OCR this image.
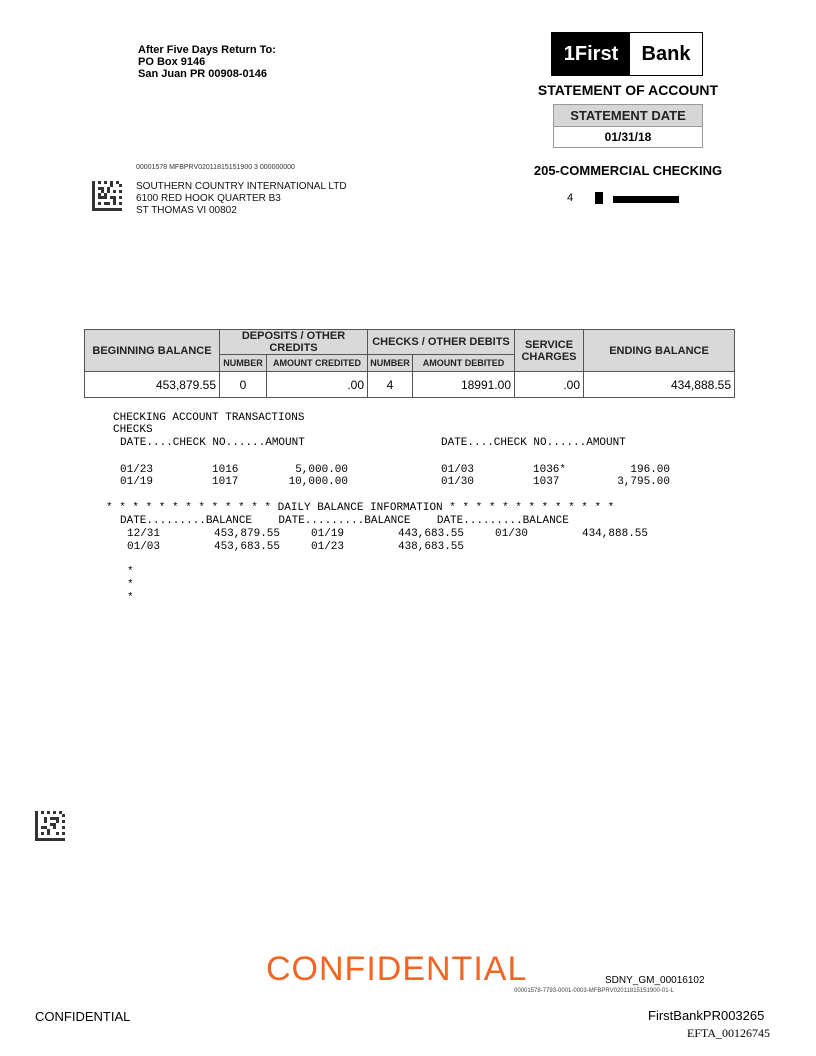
After Five Days Return To:
PO Box 9146
San Juan PR 00908-0146
1First	Bank
STATEMENT OF ACCOUNT
STATEMENT DATE
01/31/18
205-COMMERCIAL CHECKING
4
00001578 MFBPRV02011815151900 3 000000000
SOUTHERN COUNTRY INTERNATIONAL LTD
6100 RED HOOK QUARTER B3
ST THOMAS VI 00802
BEGINNING BALANCE	DEPOSITS / OTHER CREDITS		CHECKS / OTHER DEBITS		SERVICE CHARGES	ENDING BALANCE
	NUMBER	AMOUNT CREDITED	NUMBER	AMOUNT DEBITED		
453,879.55	0	.00	4	18991.00	.00	434,888.55
CHECKING ACCOUNT TRANSACTIONS
CHECKS
DATE....CHECK NO......AMOUNT	DATE....CHECK NO......AMOUNT
01/23	1016	5,000.00
01/19	1017	10,000.00
01/03	1036*	196.00
01/30	1037	3,795.00
* * * * * * * * * * * * * DAILY BALANCE INFORMATION * * * * * * * * * * * * *
DATE.........BALANCE    DATE.........BALANCE    DATE.........BALANCE
12/31	453,879.55	01/19	443,683.55	01/30	434,888.55
01/03	453,683.55	01/23	438,683.55
*
*
*
CONFIDENTIAL	SDNY_GM_00016102
00001578-7793-0001-0003-MFBPRV02011815151900-01-L
CONFIDENTIAL	FirstBankPR003265
EFTA_00126745
